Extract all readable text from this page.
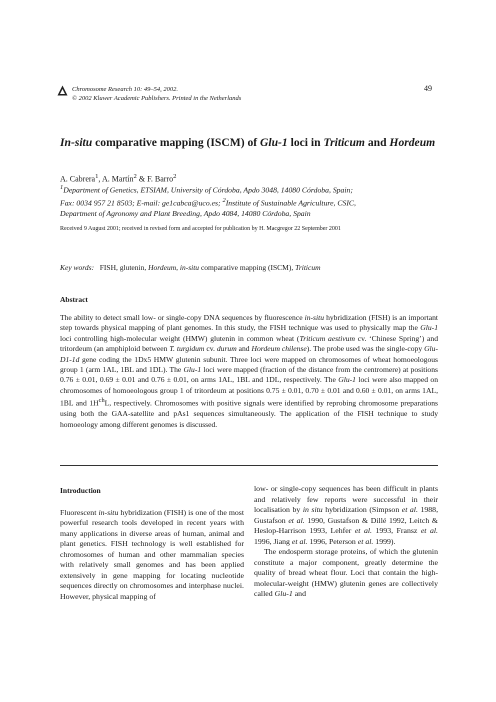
Chromosome Research 10: 49–54, 2002.
© 2002 Kluwer Academic Publishers. Printed in the Netherlands
49
In-situ comparative mapping (ISCM) of Glu-1 loci in Triticum and Hordeum
A. Cabrera$^1$, A. Martín$^2$ & F. Barro$^2$
$^1$Department of Genetics, ETSIAM, University of Córdoba, Apdo 3048, 14080 Córdoba, Spain;
Fax: 0034 957 21 8503; E-mail: ge1cabca@uco.es; $^2$Institute of Sustainable Agriculture, CSIC,
Department of Agronomy and Plant Breeding, Apdo 4084, 14080 Córdoba, Spain
Received 9 August 2001; received in revised form and accepted for publication by H. Macgregor 22 September 2001
Key words: FISH, glutenin, Hordeum, in-situ comparative mapping (ISCM), Triticum
Abstract
The ability to detect small low- or single-copy DNA sequences by fluorescence in-situ hybridization (FISH) is an important step towards physical mapping of plant genomes. In this study, the FISH technique was used to physically map the Glu-1 loci controlling high-molecular weight (HMW) glutenin in common wheat (Triticum aestivum cv. ‘Chinese Spring’) and tritordeum (an amphiploid between T. turgidum cv. durum and Hordeum chilense). The probe used was the single-copy Glu-D1-1d gene coding the 1Dx5 HMW glutenin subunit. Three loci were mapped on chromosomes of wheat homoeologous group 1 (arm 1AL, 1BL and 1DL). The Glu-1 loci were mapped (fraction of the distance from the centromere) at positions 0.76 ± 0.01, 0.69 ± 0.01 and 0.76 ± 0.01, on arms 1AL, 1BL and 1DL, respectively. The Glu-1 loci were also mapped on chromosomes of homoeologous group 1 of tritordeum at positions 0.75 ± 0.01, 0.70 ± 0.01 and 0.60 ± 0.01, on arms 1AL, 1BL and $1H^{ch}L$, respectively. Chromosomes with positive signals were identified by reprobing chromosome preparations using both the GAA-satellite and pAs1 sequences simultaneously. The application of the FISH technique to study homoeology among different genomes is discussed.
Introduction

Fluorescent in-situ hybridization (FISH) is one of the most powerful research tools developed in recent years with many applications in diverse areas of human, animal and plant genetics. FISH technology is well established for chromosomes of human and other mammalian species with relatively small genomes and has been applied extensively in gene mapping for locating nucleotide sequences directly on chromosomes and interphase nuclei. However, physical mapping of

low- or single-copy sequences has been difficult in plants and relatively few reports were successful in their localisation by in situ hybridization (Simpson et al. 1988, Gustafson et al. 1990, Gustafson & Dillé 1992, Leitch & Heslop-Harrison 1993, Lehfer et al. 1993, Fransz et al. 1996, Jiang et al. 1996, Peterson et al. 1999).

The endosperm storage proteins, of which the glutenin constitute a major component, greatly determine the quality of bread wheat flour. Loci that contain the high-molecular-weight (HMW) glutenin genes are collectively called Glu-1 and
